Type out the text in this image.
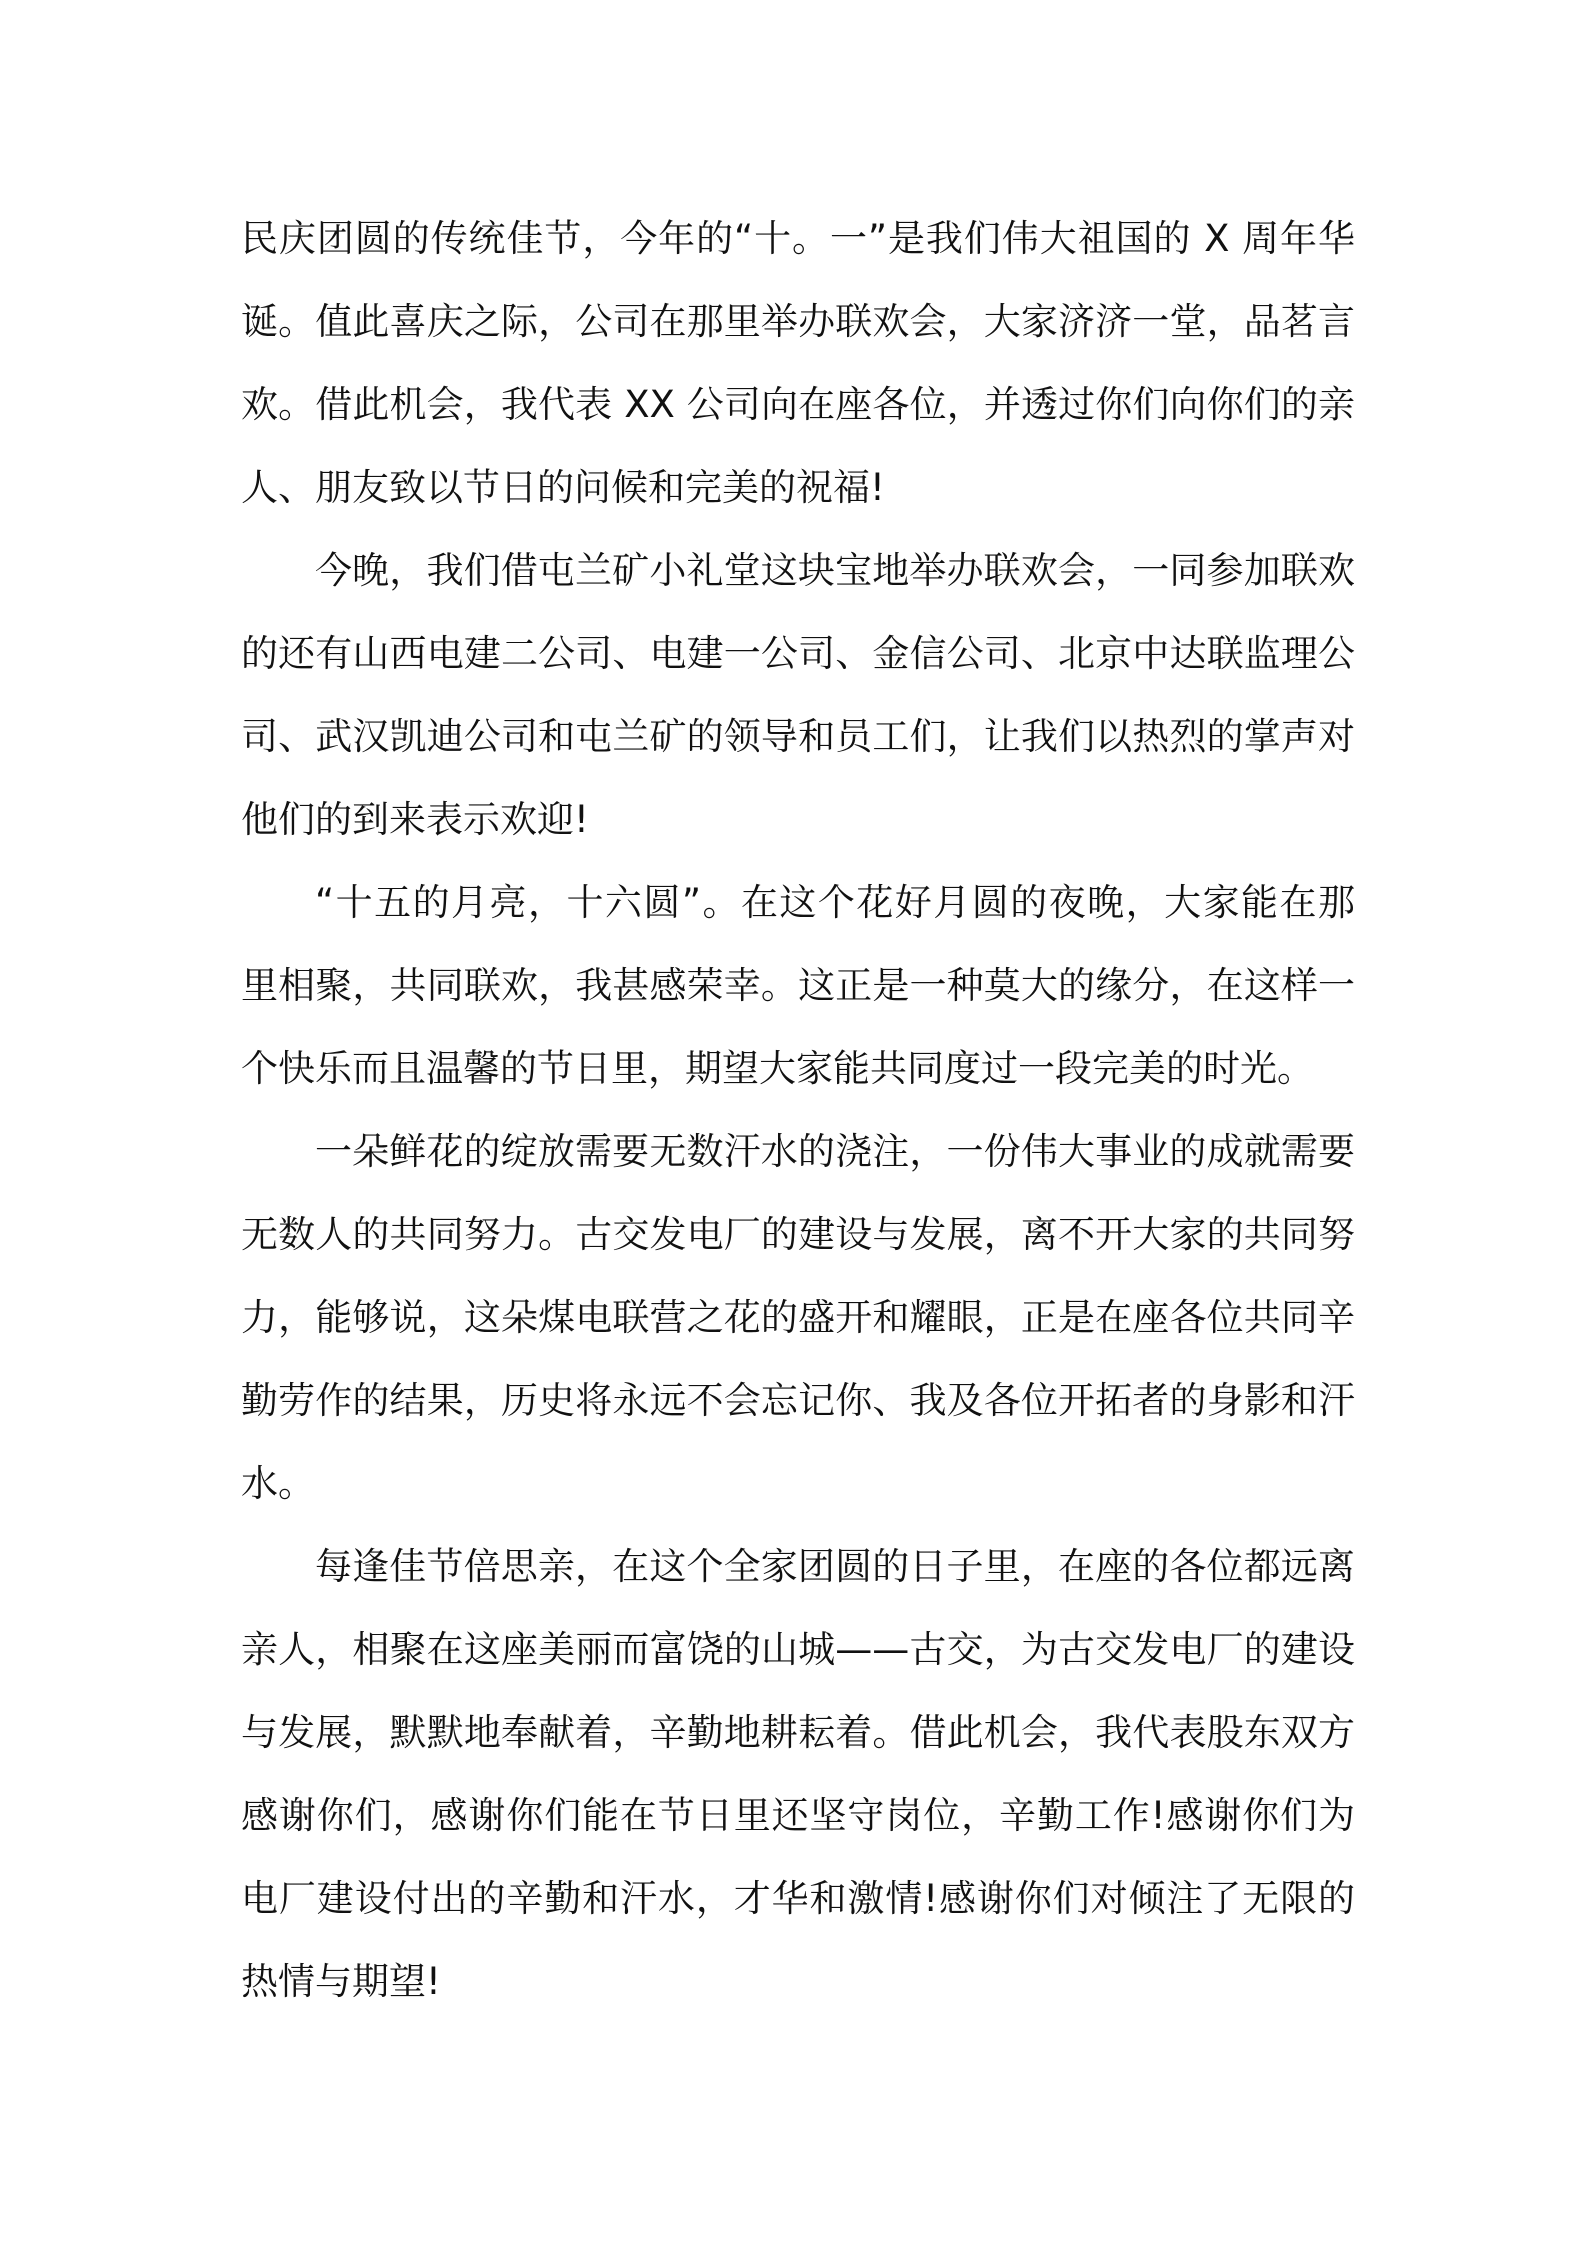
民庆团圆的传统佳节，今年的“十。一”是我们伟大祖国的 X 周年华
诞。值此喜庆之际，公司在那里举办联欢会，大家济济一堂，品茗言
欢。借此机会，我代表 XX 公司向在座各位，并透过你们向你们的亲
人、朋友致以节日的问候和完美的祝福!
今晚，我们借屯兰矿小礼堂这块宝地举办联欢会，一同参加联欢
的还有山西电建二公司、电建一公司、金信公司、北京中达联监理公
司、武汉凯迪公司和屯兰矿的领导和员工们，让我们以热烈的掌声对
他们的到来表示欢迎!
“十五的月亮，十六圆”。在这个花好月圆的夜晚，大家能在那
里相聚，共同联欢，我甚感荣幸。这正是一种莫大的缘分，在这样一
个快乐而且温馨的节日里，期望大家能共同度过一段完美的时光。
一朵鲜花的绽放需要无数汗水的浇注，一份伟大事业的成就需要
无数人的共同努力。古交发电厂的建设与发展，离不开大家的共同努
力，能够说，这朵煤电联营之花的盛开和耀眼，正是在座各位共同辛
勤劳作的结果，历史将永远不会忘记你、我及各位开拓者的身影和汗
水。
每逢佳节倍思亲，在这个全家团圆的日子里，在座的各位都远离
亲人，相聚在这座美丽而富饶的山城——古交，为古交发电厂的建设
与发展，默默地奉献着，辛勤地耕耘着。借此机会，我代表股东双方
感谢你们，感谢你们能在节日里还坚守岗位，辛勤工作!感谢你们为
电厂建设付出的辛勤和汗水，才华和激情!感谢你们对倾注了无限的
热情与期望!
